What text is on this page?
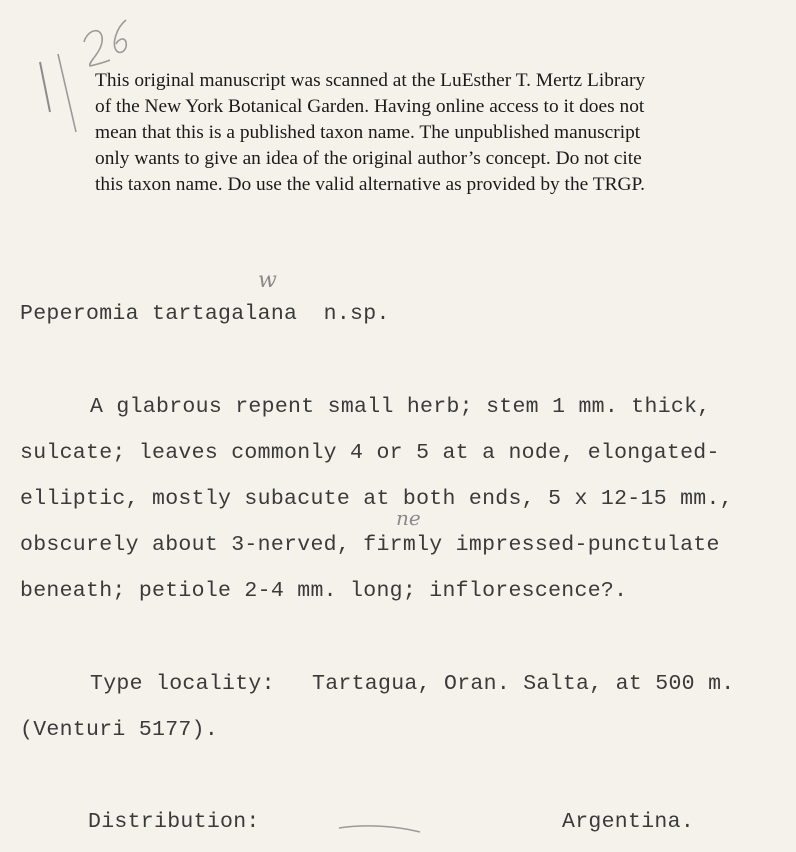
This original manuscript was scanned at the LuEsther T. Mertz Library
of the New York Botanical Garden. Having online access to it does not
mean that this is a published taxon name. The unpublished manuscript
only wants to give an idea of the original author’s concept. Do not cite
this taxon name. Do use the valid alternative as provided by the TRGP.
w
Peperomia tartagalana  n.sp.
A glabrous repent small herb; stem 1 mm. thick,
sulcate; leaves commonly 4 or 5 at a node, elongated-
elliptic, mostly subacute at both ends, 5 x 12-15 mm.,
ne
obscurely about 3-nerved, firmly impressed-punctulate
beneath; petiole 2-4 mm. long; inflorescence?.
Type locality: Tartagua, Oran. Salta, at 500 m.
(Venturi 5177).
Distribution:	Argentina.
